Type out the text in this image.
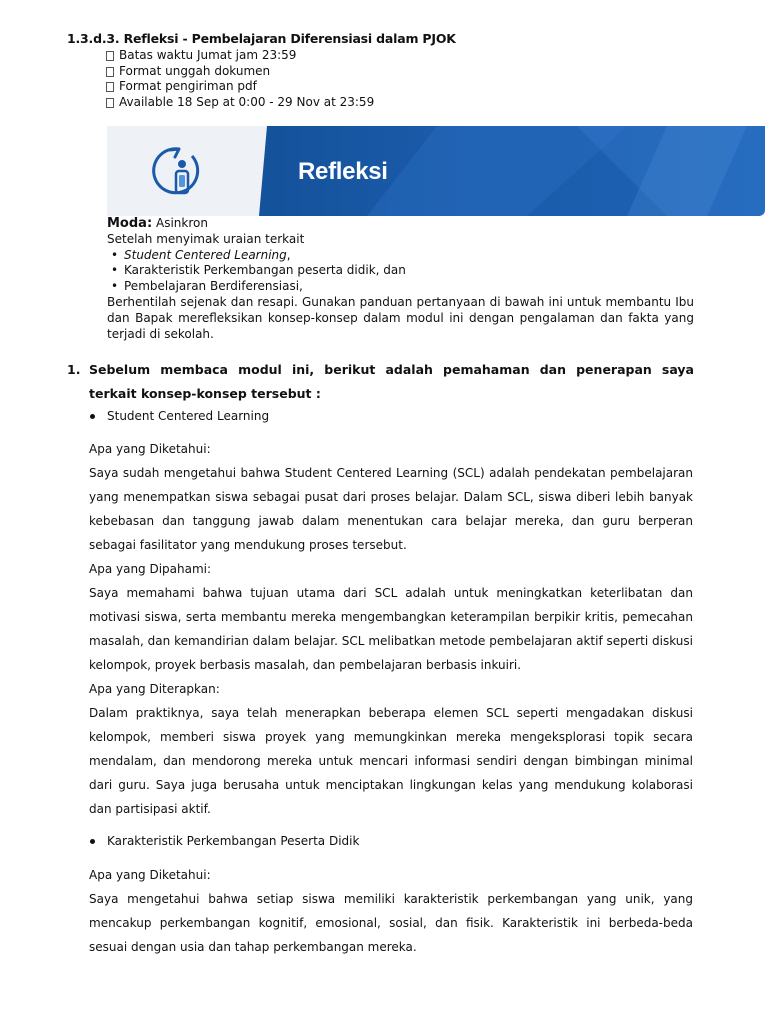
1.3.d.3. Refleksi - Pembelajaran Diferensiasi dalam PJOK
Batas waktu Jumat jam 23:59
Format unggah dokumen
Format pengiriman pdf
Available 18 Sep at 0:00 - 29 Nov at 23:59
Refleksi
Moda: Asinkron
Setelah menyimak uraian terkait
• Student Centered Learning,
• Karakteristik Perkembangan peserta didik, dan
• Pembelajaran Berdiferensiasi,
Berhentilah sejenak dan resapi. Gunakan panduan pertanyaan di bawah ini untuk membantu Ibu dan Bapak merefleksikan konsep-konsep dalam modul ini dengan pengalaman dan fakta yang terjadi di sekolah.
1. Sebelum membaca modul ini, berikut adalah pemahaman dan penerapan saya terkait konsep-konsep tersebut :
Student Centered Learning

Apa yang Diketahui:

Saya sudah mengetahui bahwa Student Centered Learning (SCL) adalah pendekatan pembelajaran yang menempatkan siswa sebagai pusat dari proses belajar. Dalam SCL, siswa diberi lebih banyak kebebasan dan tanggung jawab dalam menentukan cara belajar mereka, dan guru berperan sebagai fasilitator yang mendukung proses tersebut.

Apa yang Dipahami:

Saya memahami bahwa tujuan utama dari SCL adalah untuk meningkatkan keterlibatan dan motivasi siswa, serta membantu mereka mengembangkan keterampilan berpikir kritis, pemecahan masalah, dan kemandirian dalam belajar. SCL melibatkan metode pembelajaran aktif seperti diskusi kelompok, proyek berbasis masalah, dan pembelajaran berbasis inkuiri.

Apa yang Diterapkan:

Dalam praktiknya, saya telah menerapkan beberapa elemen SCL seperti mengadakan diskusi kelompok, memberi siswa proyek yang memungkinkan mereka mengeksplorasi topik secara mendalam, dan mendorong mereka untuk mencari informasi sendiri dengan bimbingan minimal dari guru. Saya juga berusaha untuk menciptakan lingkungan kelas yang mendukung kolaborasi dan partisipasi aktif.

Karakteristik Perkembangan Peserta Didik

Apa yang Diketahui:

Saya mengetahui bahwa setiap siswa memiliki karakteristik perkembangan yang unik, yang mencakup perkembangan kognitif, emosional, sosial, dan fisik. Karakteristik ini berbeda-beda sesuai dengan usia dan tahap perkembangan mereka.
